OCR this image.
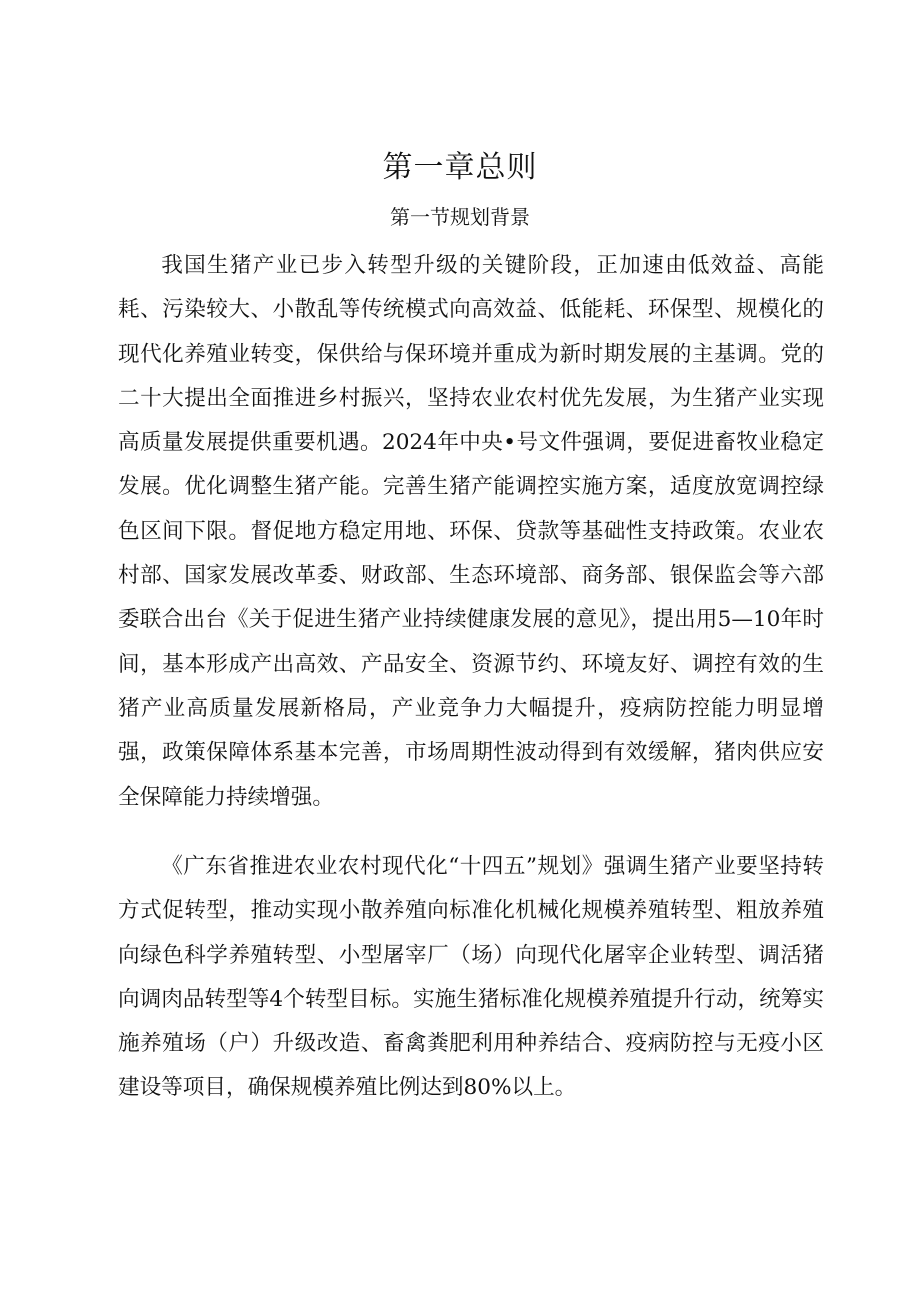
第一章总则
第一节规划背景

我国生猪产业已步入转型升级的关键阶段，正加速由低效益、高能耗、污染较大、小散乱等传统模式向高效益、低能耗、环保型、规模化的现代化养殖业转变，保供给与保环境并重成为新时期发展的主基调。党的二十大提出全面推进乡村振兴，坚持农业农村优先发展，为生猪产业实现高质量发展提供重要机遇。2024年中央•号文件强调，要促进畜牧业稳定发展。优化调整生猪产能。完善生猪产能调控实施方案，适度放宽调控绿色区间下限。督促地方稳定用地、环保、贷款等基础性支持政策。农业农村部、国家发展改革委、财政部、生态环境部、商务部、银保监会等六部委联合出台《关于促进生猪产业持续健康发展的意见》，提出用5—10年时间，基本形成产出高效、产品安全、资源节约、环境友好、调控有效的生猪产业高质量发展新格局，产业竞争力大幅提升，疫病防控能力明显增强，政策保障体系基本完善，市场周期性波动得到有效缓解，猪肉供应安全保障能力持续增强。

《广东省推进农业农村现代化“十四五”规划》强调生猪产业要坚持转方式促转型，推动实现小散养殖向标准化机械化规模养殖转型、粗放养殖向绿色科学养殖转型、小型屠宰厂（场）向现代化屠宰企业转型、调活猪向调肉品转型等4个转型目标。实施生猪标准化规模养殖提升行动，统筹实施养殖场（户）升级改造、畜禽粪肥利用种养结合、疫病防控与无疫小区建设等项目，确保规模养殖比例达到80%以上。
